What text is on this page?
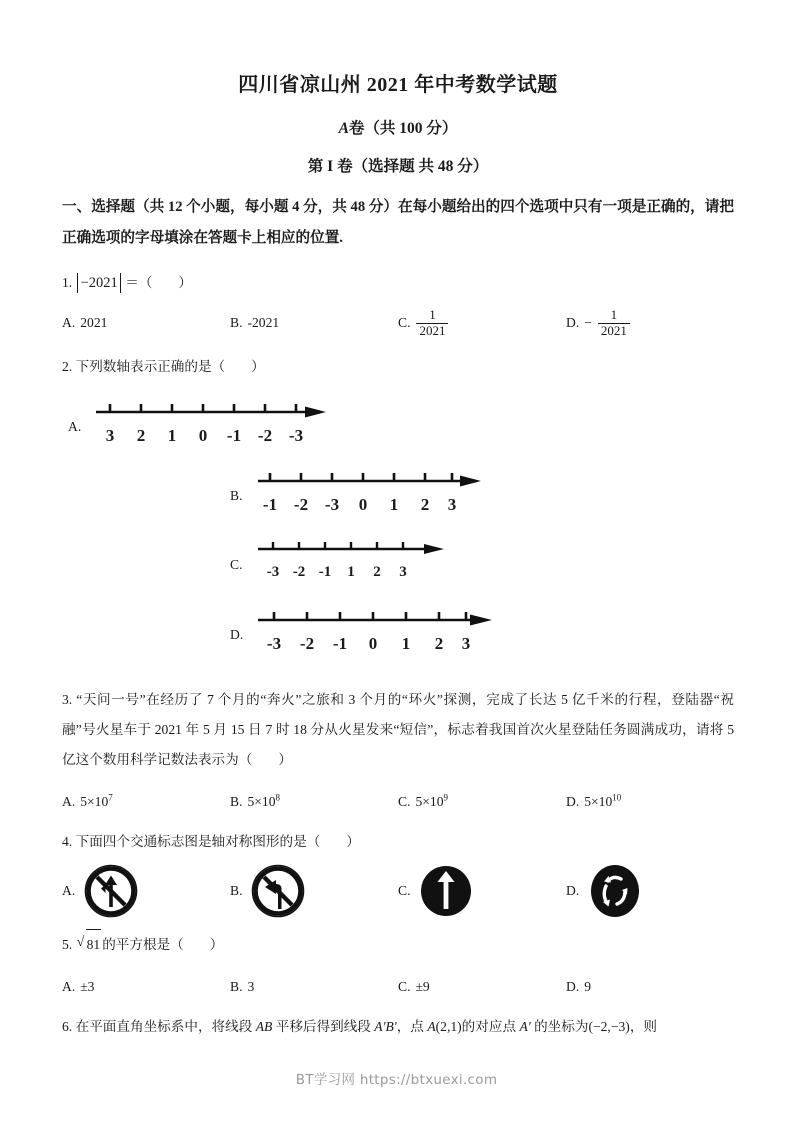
四川省凉山州 2021 年中考数学试题
A卷（共 100 分）
第 I 卷（选择题 共 48 分）
一、选择题（共 12 个小题，每小题 4 分，共 48 分）在每小题给出的四个选项中只有一项是正确的，请把正确选项的字母填涂在答题卡上相应的位置.
1. −2021 ＝（ ）
A. 2021	B. -2021	C. $\frac{1}{2021}$	D. − $\frac{1}{2021}$
2. 下列数轴表示正确的是（ ）
A.	3 2 1 0 -1 -2 -3
B.	-1 -2 -3 0 1 2 3
C.	-3 -2 -1 1 2 3
D.	-3 -2 -1 0 1 2 3
3. “天问一号”在经历了 7 个月的“奔火”之旅和 3 个月的“环火”探测，完成了长达 5 亿千米的行程，登陆器“祝融”号火星车于 2021 年 5 月 15 日 7 时 18 分从火星发来“短信”，标志着我国首次火星登陆任务圆满成功，请将 5 亿这个数用科学记数法表示为（ ）
A. $5\times 10^7$	B. $5\times 10^8$	C. $5\times 10^9$	D. $5\times 10^{10}$
4. 下面四个交通标志图是轴对称图形的是（ ）
A.	B.	C.	D.
5. √ 81 的平方根是（ ）
A. ±3	B. 3	C. ±9	D. 9
6. 在平面直角坐标系中，将线段 AB 平移后得到线段 A'B'，点 A(2,1)的对应点 A' 的坐标为(−2,−3)，则
BT学习网 https://btxuexi.com
